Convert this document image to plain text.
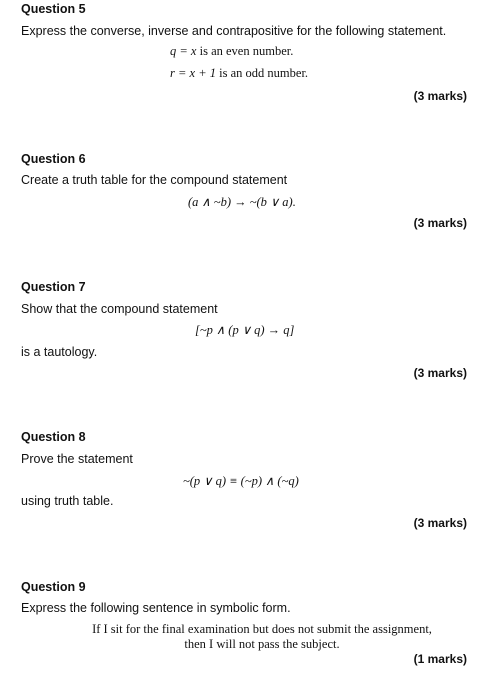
Question 5
Express the converse, inverse and contrapositive for the following statement.
q = x is an even number.
r = x + 1 is an odd number.
(3 marks)
Question 6
Create a truth table for the compound statement
(a ∧ ~b) → ~(b ∨ a).
(3 marks)
Question 7
Show that the compound statement
[~p ∧ (p ∨ q) → q]
is a tautology.
(3 marks)
Question 8
Prove the statement
~(p ∨ q) ≡ (~p) ∧ (~q)
using truth table.
(3 marks)
Question 9
Express the following sentence in symbolic form.
If I sit for the final examination but does not submit the assignment,
then I will not pass the subject.
(1 marks)
